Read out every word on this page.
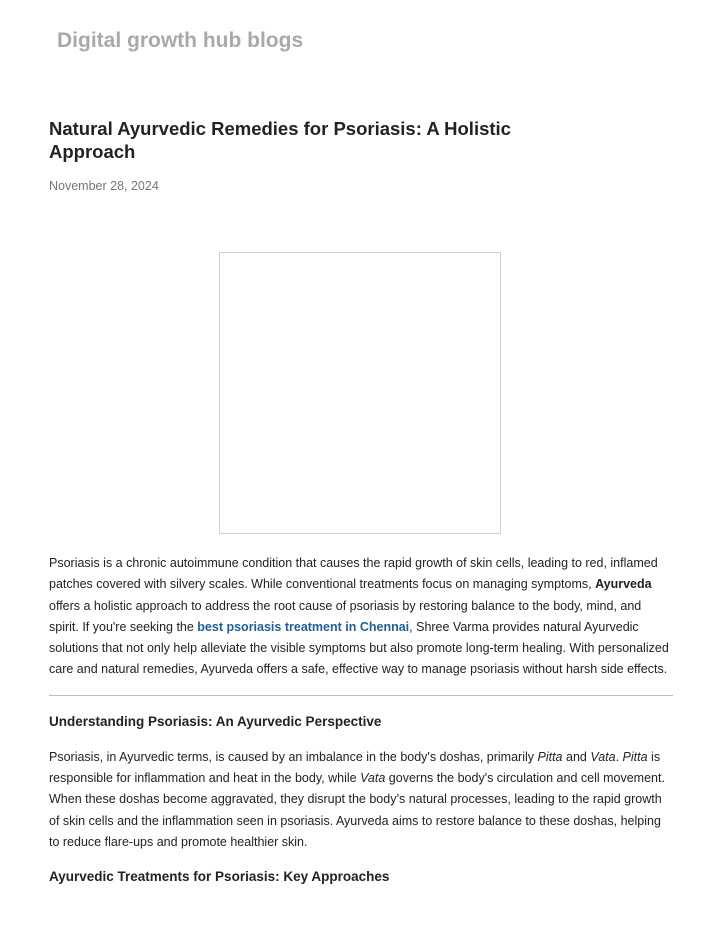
Digital growth hub blogs
Natural Ayurvedic Remedies for Psoriasis: A Holistic Approach
November 28, 2024

Psoriasis is a chronic autoimmune condition that causes the rapid growth of skin cells, leading to red, inflamed patches covered with silvery scales. While conventional treatments focus on managing symptoms, Ayurveda offers a holistic approach to address the root cause of psoriasis by restoring balance to the body, mind, and spirit. If you're seeking the best psoriasis treatment in Chennai, Shree Varma provides natural Ayurvedic solutions that not only help alleviate the visible symptoms but also promote long-term healing. With personalized care and natural remedies, Ayurveda offers a safe, effective way to manage psoriasis without harsh side effects.

Understanding Psoriasis: An Ayurvedic Perspective

Psoriasis, in Ayurvedic terms, is caused by an imbalance in the body's doshas, primarily Pitta and Vata. Pitta is responsible for inflammation and heat in the body, while Vata governs the body's circulation and cell movement. When these doshas become aggravated, they disrupt the body’s natural processes, leading to the rapid growth of skin cells and the inflammation seen in psoriasis. Ayurveda aims to restore balance to these doshas, helping to reduce flare-ups and promote healthier skin.

Ayurvedic Treatments for Psoriasis: Key Approaches
